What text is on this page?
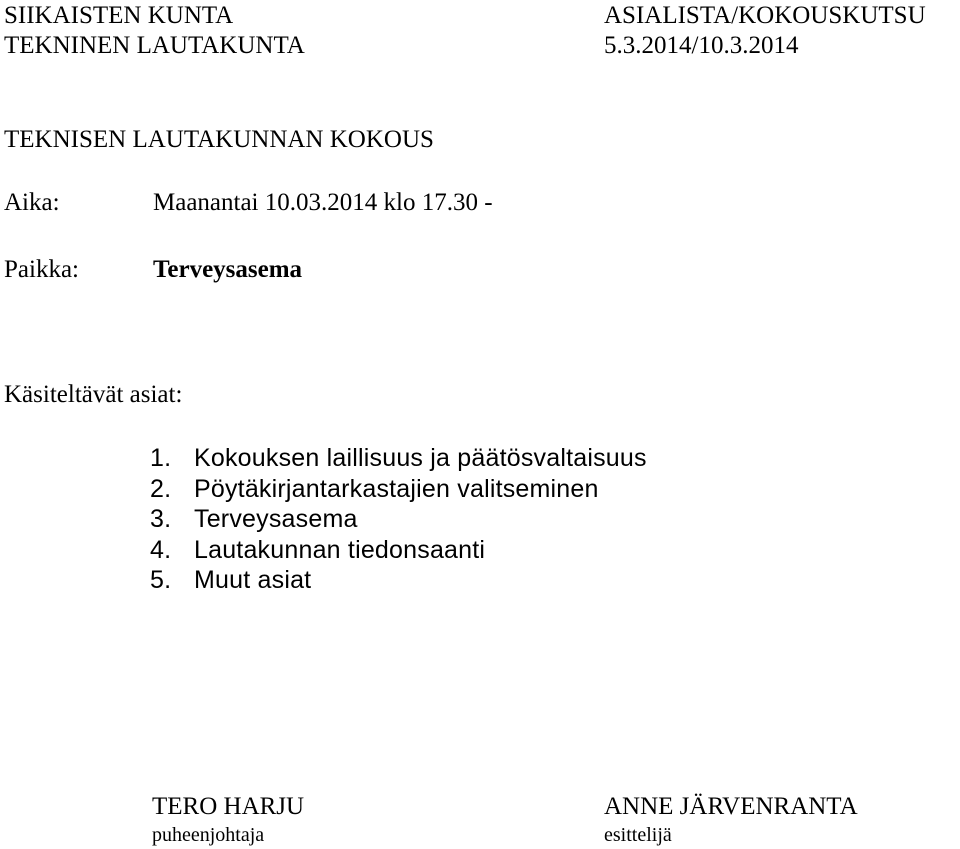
SIIKAISTEN KUNTA
TEKNINEN LAUTAKUNTA
ASIALISTA/KOKOUSKUTSU
5.3.2014/10.3.2014
TEKNISEN LAUTAKUNNAN KOKOUS
Aika:	Maanantai 10.03.2014 klo 17.30 -
Paikka:	Terveysasema
Käsiteltävät asiat:
1. Kokouksen laillisuus ja päätösvaltaisuus
2. Pöytäkirjantarkastajien valitseminen
3. Terveysasema
4. Lautakunnan tiedonsaanti
5. Muut asiat
TERO HARJU
puheenjohtaja
ANNE JÄRVENRANTA
esittelijä
